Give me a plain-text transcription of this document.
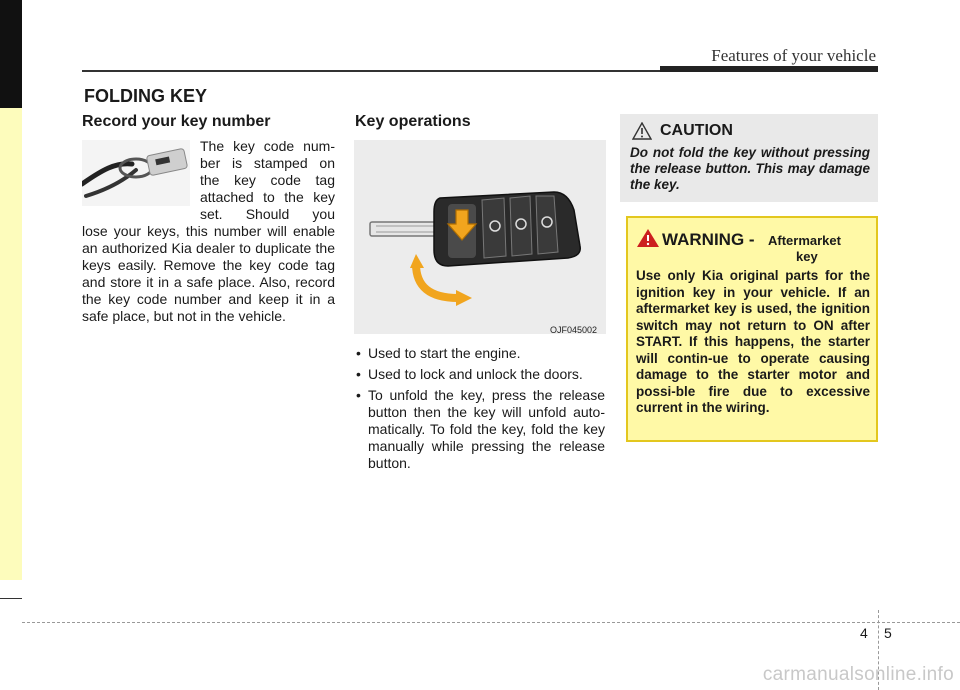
Features of your vehicle
FOLDING KEY
Record your key number
The key code num-
ber is stamped on
the key code tag
attached to the key
set. Should you
lose your keys, this number will enable an authorized Kia dealer to duplicate the keys easily. Remove the key code tag and store it in a safe place. Also, record the key code number and keep it in a safe place, but not in the vehicle.
Key operations
OJF045002
• Used to start the engine.
• Used to lock and unlock the doors.
• To unfold the key, press the release button then the key will unfold auto-matically. To fold the key, fold the key manually while pressing the release button.
CAUTION
Do not fold the key without pressing the release button. This may damage the key.
WARNING - Aftermarket
key
Use only Kia original parts for the ignition key in your vehicle. If an aftermarket key is used, the ignition switch may not return to ON after START. If this happens, the starter will contin-ue to operate causing damage to the starter motor and possi-ble fire due to excessive current in the wiring.
4 5
carmanualsonline.info
